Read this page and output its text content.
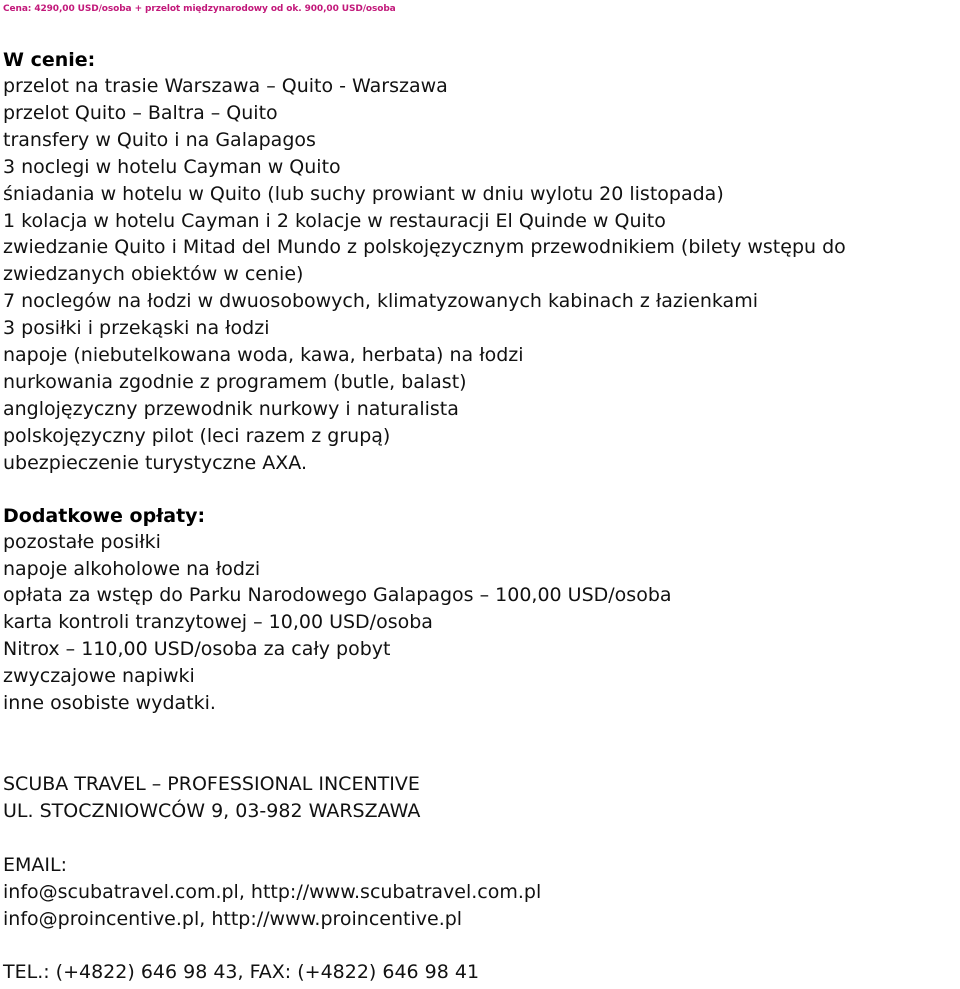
Cena: 4290,00 USD/osoba + przelot międzynarodowy od ok. 900,00 USD/osoba
W cenie:
przelot na trasie Warszawa – Quito - Warszawa
przelot Quito – Baltra – Quito
transfery w Quito i na Galapagos
3 noclegi w hotelu Cayman w Quito
śniadania w hotelu w Quito (lub suchy prowiant w dniu wylotu 20 listopada)
1 kolacja w hotelu Cayman i 2 kolacje w restauracji El Quinde w Quito
zwiedzanie Quito i Mitad del Mundo z polskojęzycznym przewodnikiem (bilety wstępu do
zwiedzanych obiektów w cenie)
7 noclegów na łodzi w dwuosobowych, klimatyzowanych kabinach z łazienkami
3 posiłki i przekąski na łodzi
napoje (niebutelkowana woda, kawa, herbata) na łodzi
nurkowania zgodnie z programem (butle, balast)
anglojęzyczny przewodnik nurkowy i naturalista
polskojęzyczny pilot (leci razem z grupą)
ubezpieczenie turystyczne AXA.
Dodatkowe opłaty:
pozostałe posiłki
napoje alkoholowe na łodzi
opłata za wstęp do Parku Narodowego Galapagos – 100,00 USD/osoba
karta kontroli tranzytowej – 10,00 USD/osoba
Nitrox – 110,00 USD/osoba za cały pobyt
zwyczajowe napiwki
inne osobiste wydatki.
SCUBA TRAVEL – PROFESSIONAL INCENTIVE
UL. STOCZNIOWCÓW 9, 03-982 WARSZAWA
EMAIL:
info@scubatravel.com.pl, http://www.scubatravel.com.pl
info@proincentive.pl, http://www.proincentive.pl
TEL.: (+4822) 646 98 43, FAX: (+4822) 646 98 41
